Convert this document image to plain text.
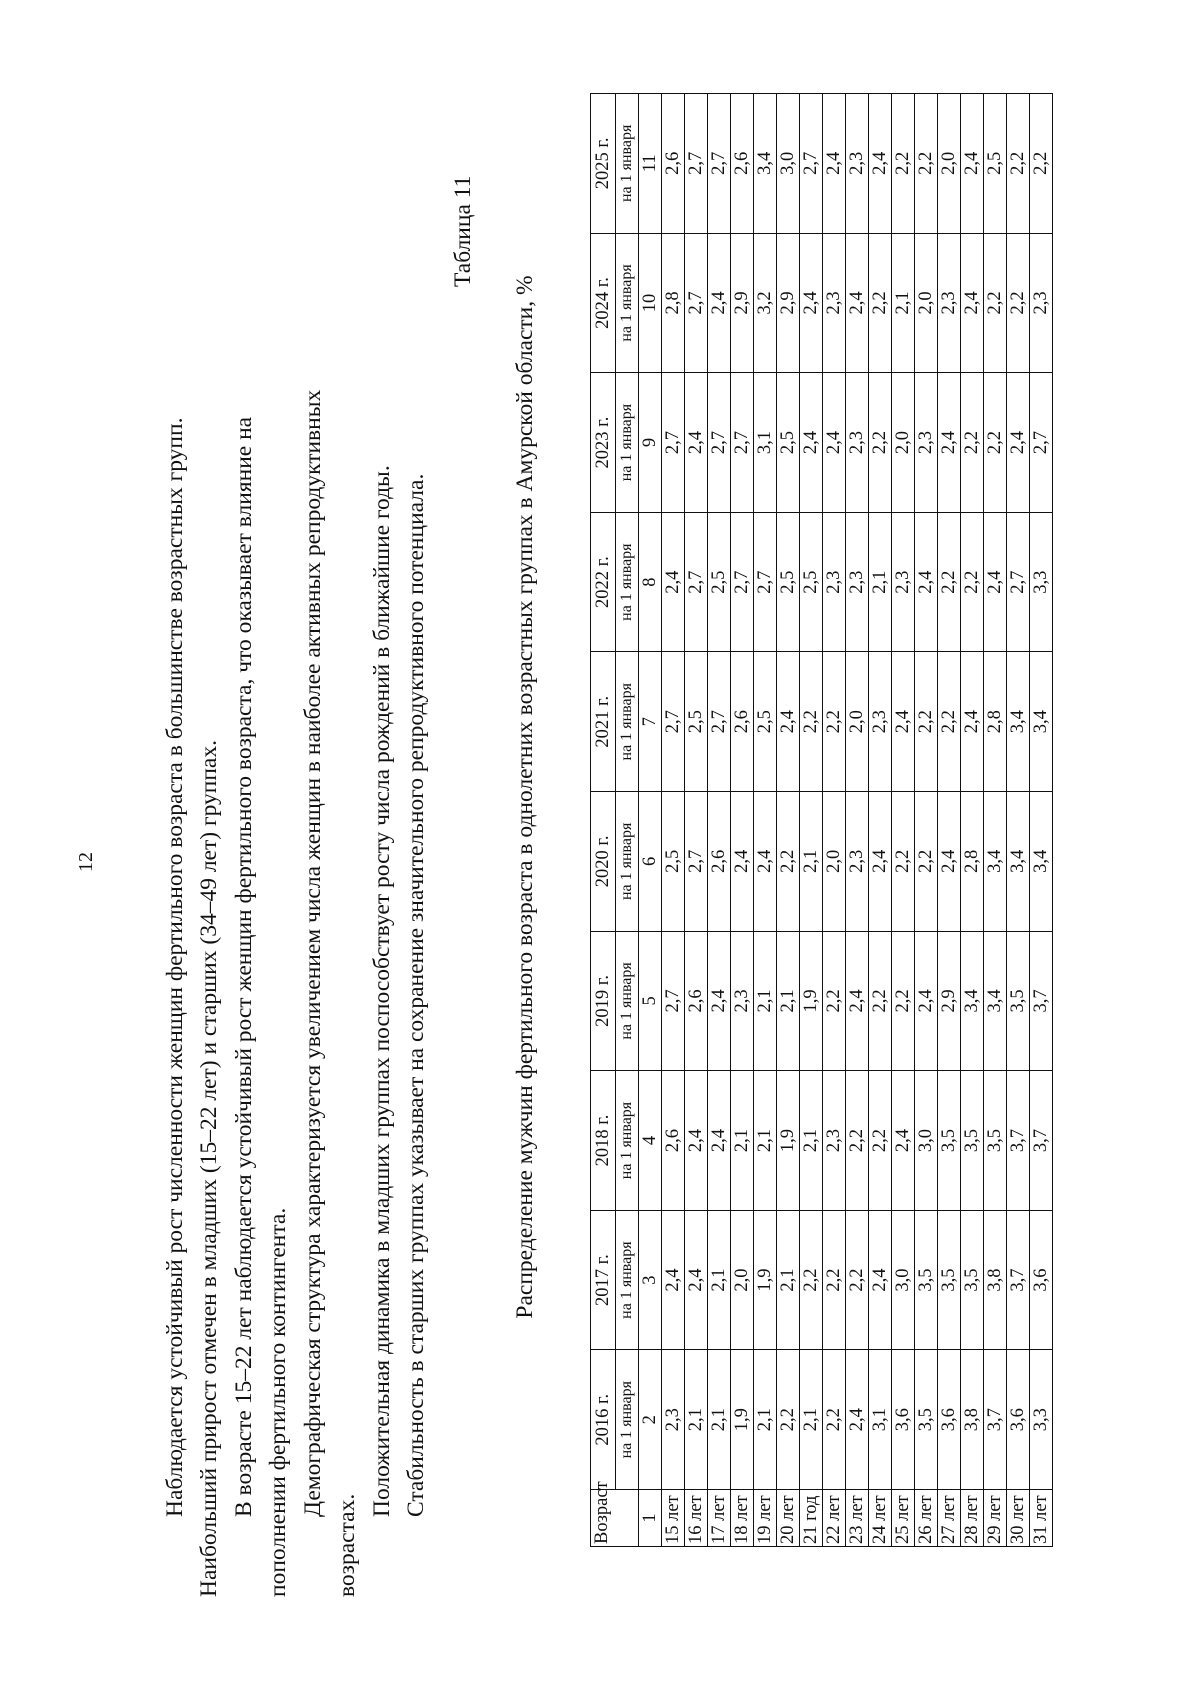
12	Наблюдается устойчивый рост численности женщин фертильного возраста в большинстве возрастных групп. Наибольший прирост отмечен в младших (15–22 лет) и старших (34–49 лет) группах. В возрасте 15–22 лет наблюдается устойчивый рост женщин фертильного возраста, что оказывает влияние на пополнении фертильного контингента. Демографическая структура характеризуется увеличением числа женщин в наиболее активных репродуктивных
возрастах.

Положительная динамика в младших группах поспособствует росту числа рождений в ближайшие годы. Стабильность в старших группах указывает на сохранение значительного репродуктивного потенциала.

Таблица 11
Распределение мужчин фертильного возраста в однолетних возрастных группах в Амурской области, %
Возраст	2016 г.	2017 г.	2018 г.	2019 г.	2020 г.	2021 г.	2022 г.	2023 г.	2024 г.	2025 г.
	на 1 января	на 1 января	на 1 января	на 1 января	на 1 января	на 1 января	на 1 января	на 1 января	на 1 января	на 1 января
1	2	3	4	5	6	7	8	9	10	11
15 лет	2,3	2,4	2,6	2,7	2,5	2,7	2,4	2,7	2,8	2,6
16 лет	2,1	2,4	2,4	2,6	2,7	2,5	2,7	2,4	2,7	2,7
17 лет	2,1	2,1	2,4	2,4	2,6	2,7	2,5	2,7	2,4	2,7
18 лет	1,9	2,0	2,1	2,3	2,4	2,6	2,7	2,7	2,9	2,6
19 лет	2,1	1,9	2,1	2,1	2,4	2,5	2,7	3,1	3,2	3,4
20 лет	2,2	2,1	1,9	2,1	2,2	2,4	2,5	2,5	2,9	3,0
21 год	2,1	2,2	2,1	1,9	2,1	2,2	2,5	2,4	2,4	2,7
22 лет	2,2	2,2	2,3	2,2	2,0	2,2	2,3	2,4	2,3	2,4
23 лет	2,4	2,2	2,2	2,4	2,3	2,0	2,3	2,3	2,4	2,3
24 лет	3,1	2,4	2,2	2,2	2,4	2,3	2,1	2,2	2,2	2,4
25 лет	3,6	3,0	2,4	2,2	2,2	2,4	2,3	2,0	2,1	2,2
26 лет	3,5	3,5	3,0	2,4	2,2	2,2	2,4	2,3	2,0	2,2
27 лет	3,6	3,5	3,5	2,9	2,4	2,2	2,2	2,4	2,3	2,0
28 лет	3,8	3,5	3,5	3,4	2,8	2,4	2,2	2,2	2,4	2,4
29 лет	3,7	3,8	3,5	3,4	3,4	2,8	2,4	2,2	2,2	2,5
30 лет	3,6	3,7	3,7	3,5	3,4	3,4	2,7	2,4	2,2	2,2
31 лет	3,3	3,6	3,7	3,7	3,4	3,4	3,3	2,7	2,3	2,2
